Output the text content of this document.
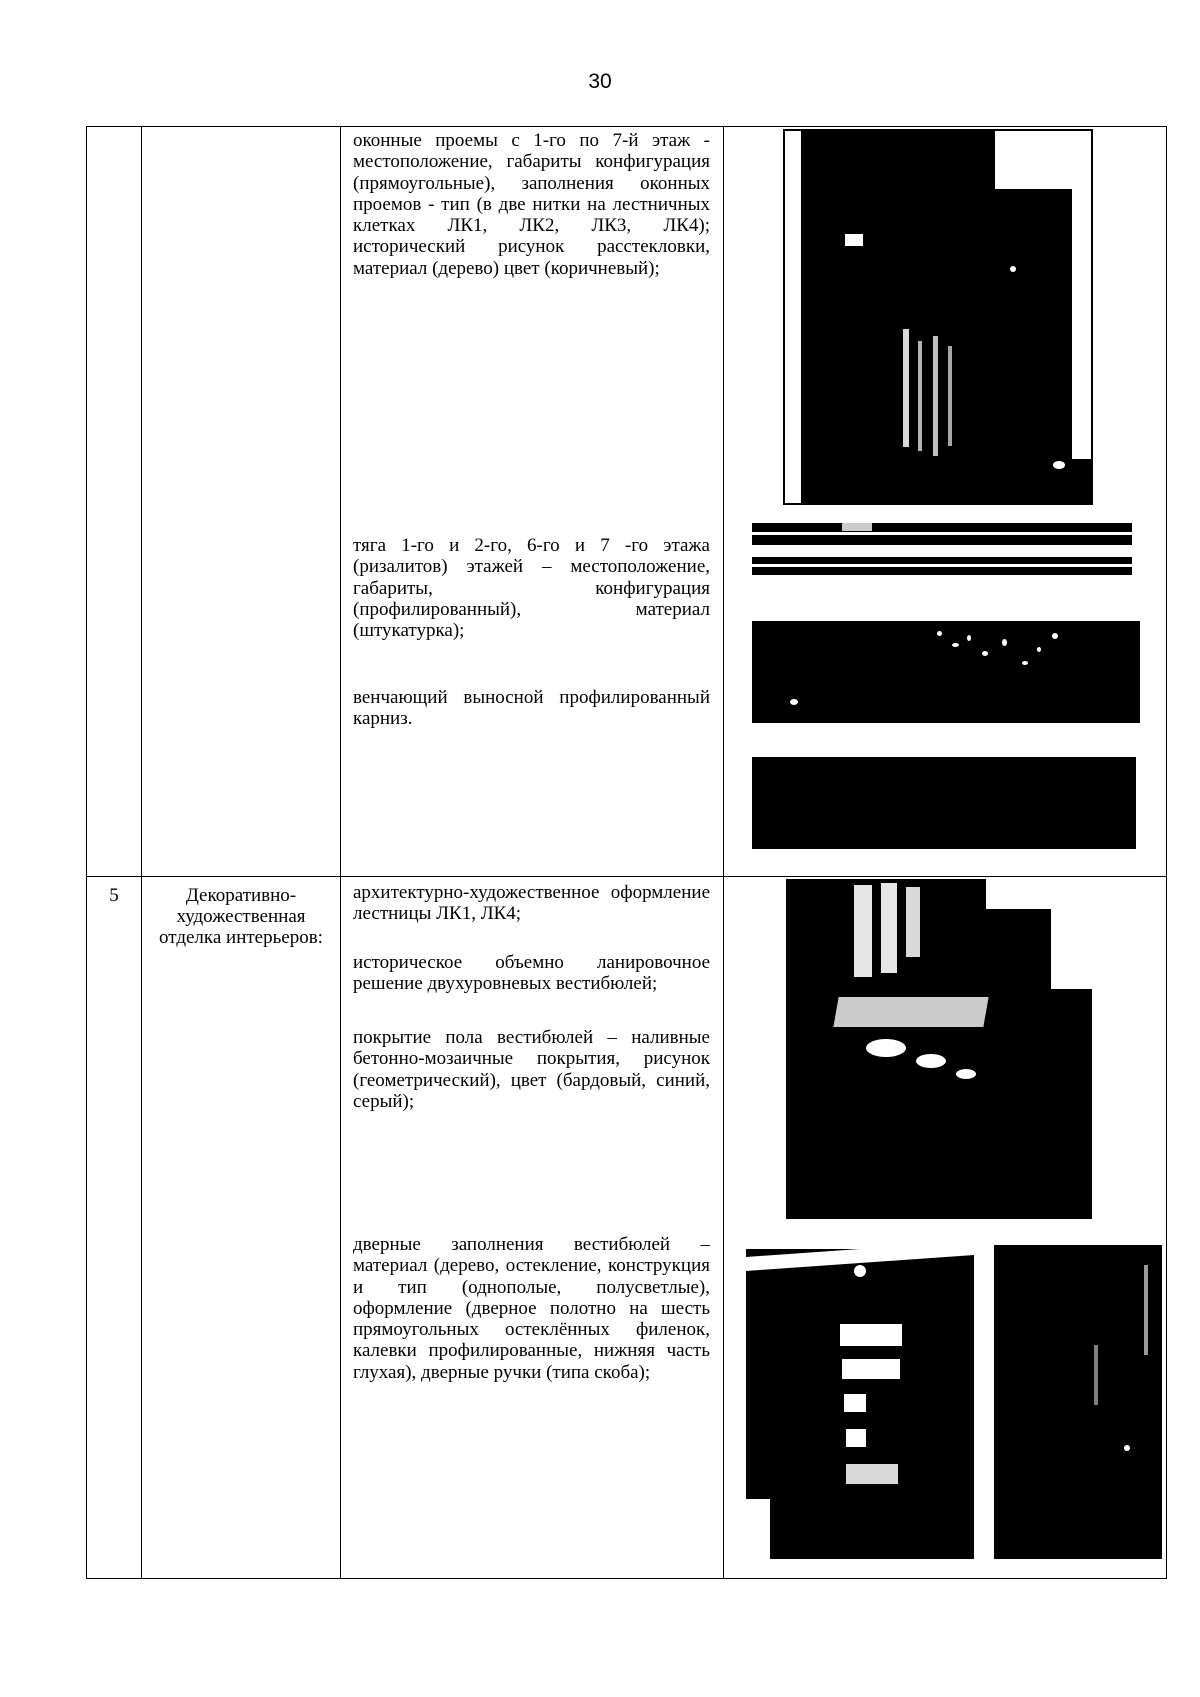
30

		оконные проемы с 1-го по 7-й этаж - местоположение, габариты конфигурация (прямоугольные), заполнения оконных проемов - тип (в две нитки на лестничных клетках ЛК1, ЛК2, ЛК3, ЛК4); исторический рисунок расстекловки, материал (дерево) цвет (коричневый);
тяга 1-го и 2-го, 6-го и 7 -го этажа (ризалитов) этажей – местоположение, габариты, конфигурация (профилированный), материал (штукатурка);
венчающий выносной профилированный карниз.	

5	Декоративно-художественная отделка интерьеров:	архитектурно-художественное оформление лестницы ЛК1, ЛК4;
историческое объемно ланировочное решение двухуровневых вестибюлей;
покрытие пола вестибюлей – наливные бетонно-мозаичные покрытия, рисунок (геометрический), цвет (бардовый, синий, серый);
дверные заполнения вестибюлей – материал (дерево, остекление, конструкция и тип (однополые, полусветлые), оформление (дверное полотно на шесть прямоугольных остеклённых филенок, калевки профилированные, нижняя часть глухая), дверные ручки (типа скоба);	
